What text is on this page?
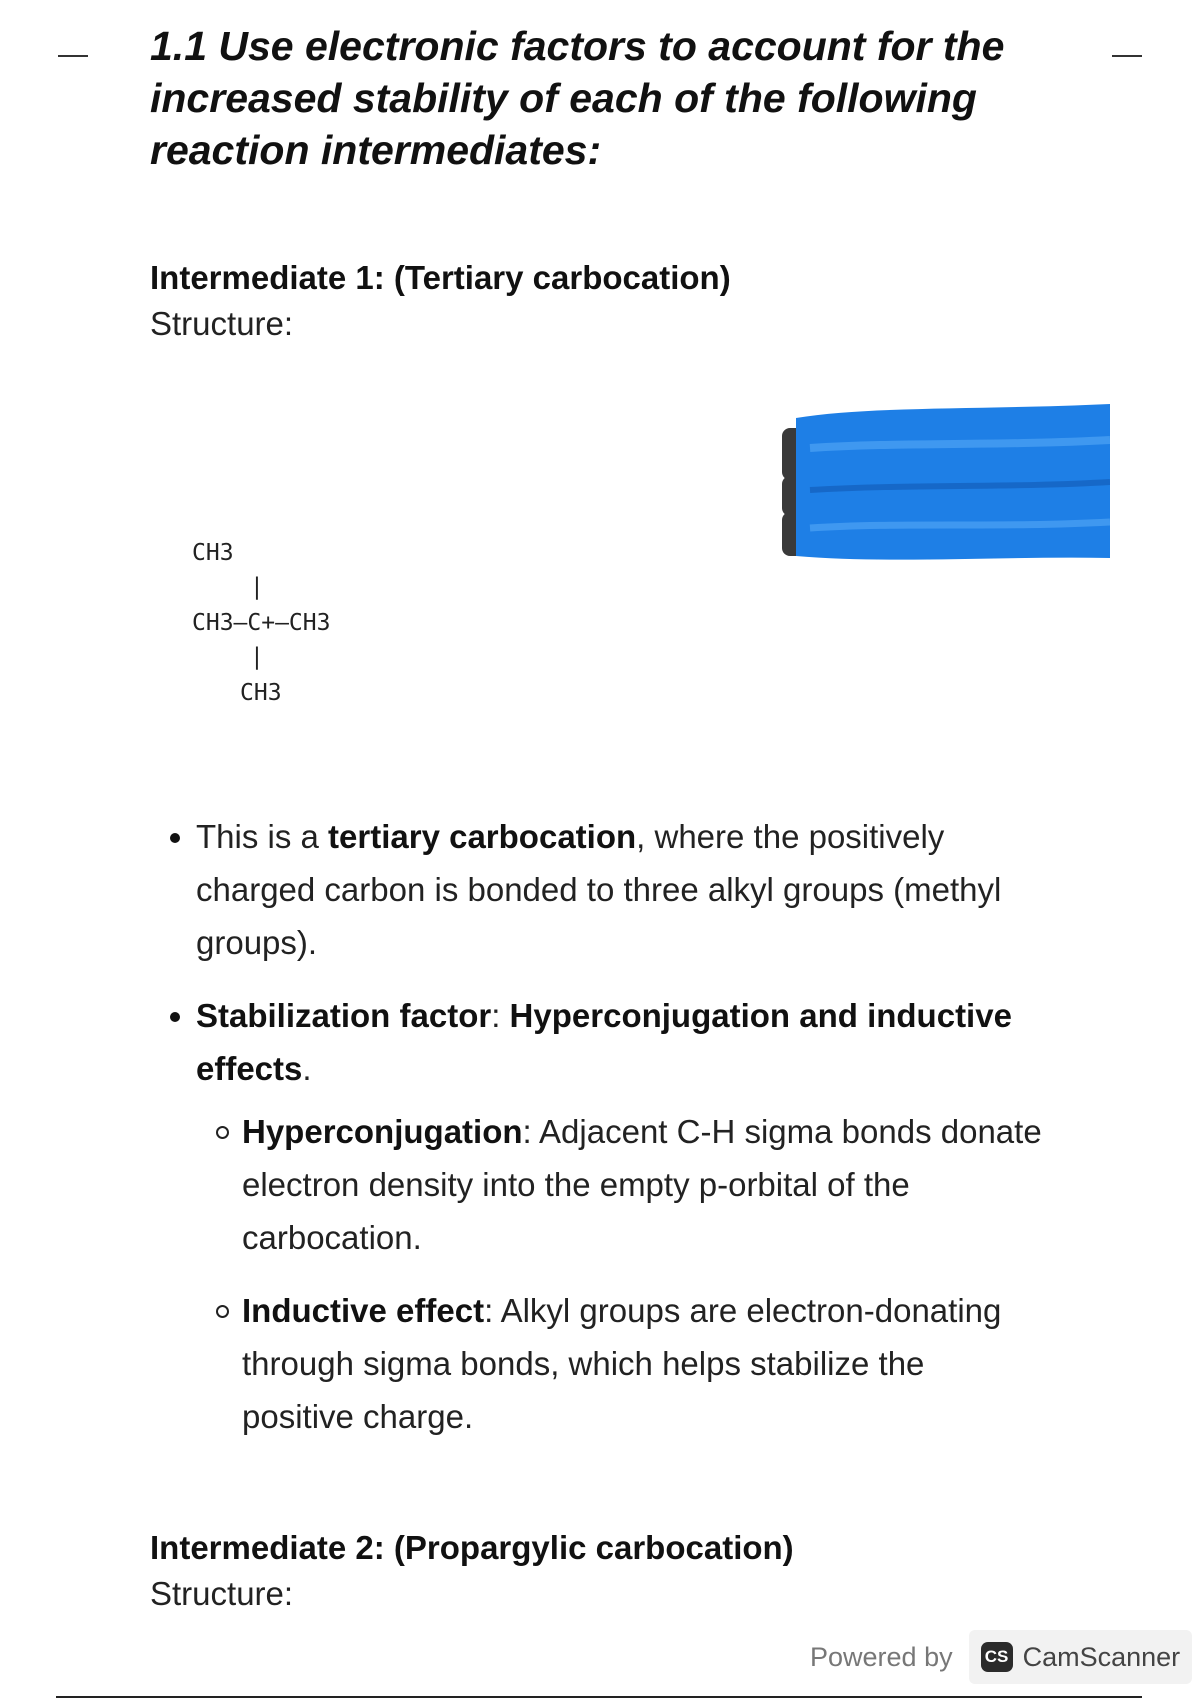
1.1 Use electronic factors to account for the increased stability of each of the following reaction intermediates:
Intermediate 1: (Tertiary carbocation)
Structure:
CH3
|
CH3—C+—CH3
|
CH3
This is a tertiary carbocation, where the positively charged carbon is bonded to three alkyl groups (methyl groups).
Stabilization factor: Hyperconjugation and inductive effects.
Hyperconjugation: Adjacent C-H sigma bonds donate electron density into the empty p-orbital of the carbocation.
Inductive effect: Alkyl groups are electron-donating through sigma bonds, which helps stabilize the positive charge.
Intermediate 2: (Propargylic carbocation)
Structure:
Powered by CS CamScanner
